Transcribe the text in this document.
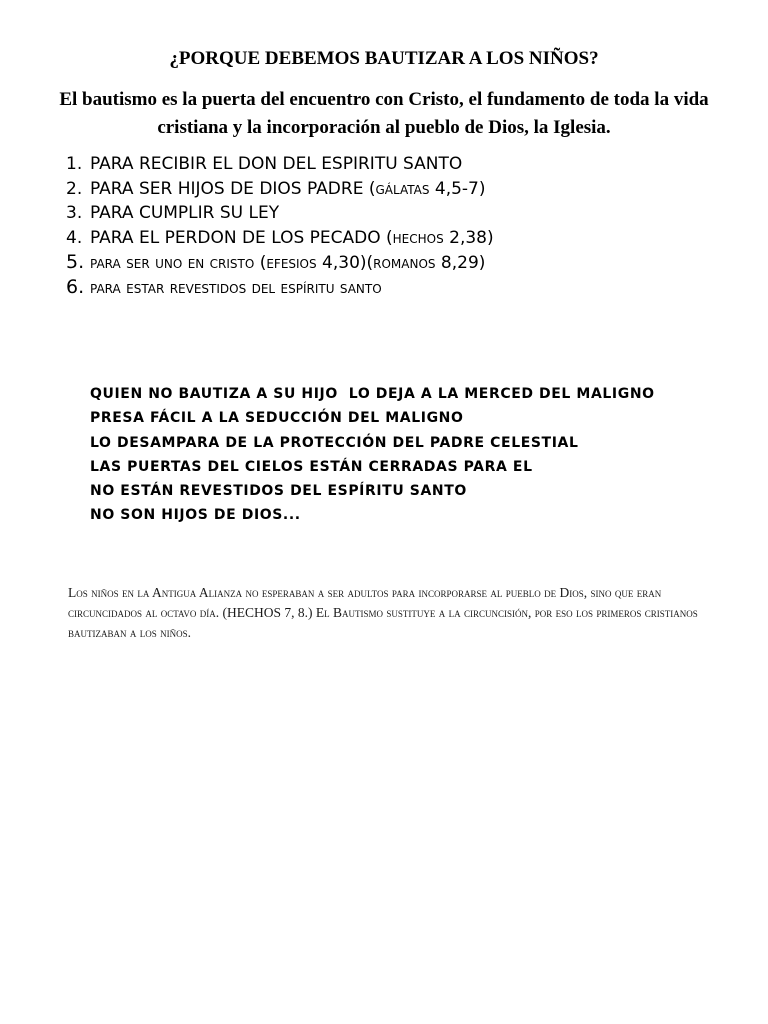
¿PORQUE DEBEMOS BAUTIZAR A LOS NIÑOS?

El bautismo es la puerta del encuentro con Cristo, el fundamento de toda la vida cristiana y la incorporación al pueblo de Dios, la Iglesia.

1. PARA RECIBIR EL DON DEL ESPIRITU SANTO
2. PARA SER HIJOS DE DIOS PADRE (gálatas 4,5-7)
3. PARA CUMPLIR SU LEY
4. PARA EL PERDON DE LOS PECADO (hechos 2,38)
5. para ser uno en cristo (efesios 4,30)(romanos 8,29)
6. para estar revestidos del espíritu santo
QUIEN NO BAUTIZA A SU HIJO  LO DEJA A LA MERCED DEL MALIGNO
PRESA FÁCIL A LA SEDUCCIÓN DEL MALIGNO
LO DESAMPARA DE LA PROTECCIÓN DEL PADRE CELESTIAL
LAS PUERTAS DEL CIELOS ESTÁN CERRADAS PARA EL
NO ESTÁN REVESTIDOS DEL ESPÍRITU SANTO
NO SON HIJOS DE DIOS...

Los niños en la Antigua Alianza no esperaban a ser adultos para incorporarse al pueblo de Dios, sino que eran circuncidados al octavo día. (HECHOS 7, 8.) El Bautismo sustituye a la circuncisión, por eso los primeros cristianos bautizaban a los niños.
